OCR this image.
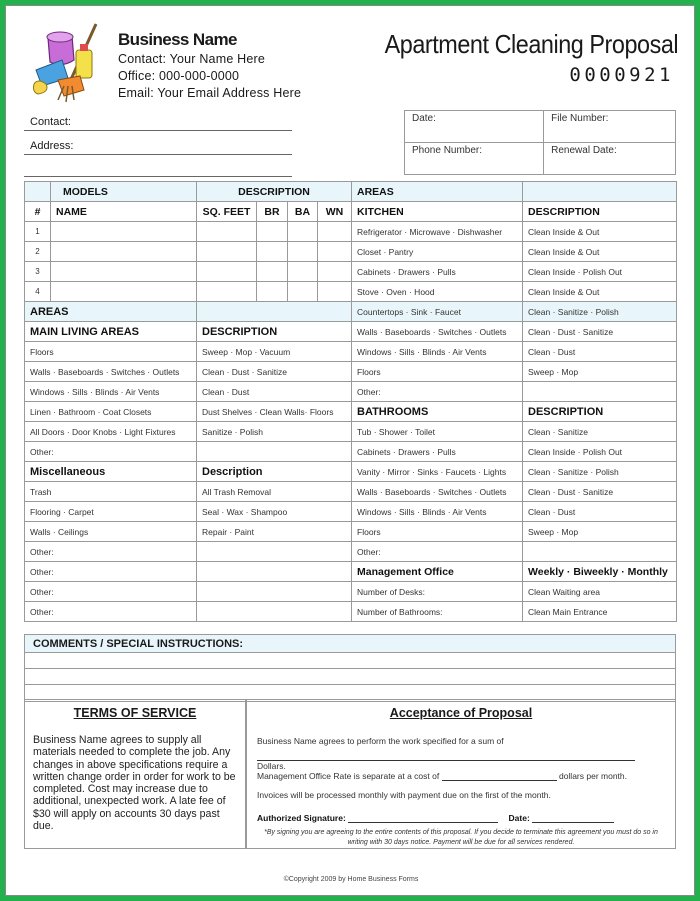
Business Name
Contact: Your Name Here
Office: 000-000-0000
Email: Your Email Address Here
Apartment Cleaning Proposal
0000921
Contact:
Address:
Date:	File Number:
Phone Number:	Renewal Date:
	MODELS	DESCRIPTION				AREAS	
#	NAME	SQ. FEET	BR	BA	WN	KITCHEN	DESCRIPTION
1						Refrigerator · Microwave · Dishwasher	Clean Inside & Out
2						Closet · Pantry	Clean Inside & Out
3						Cabinets · Drawers · Pulls	Clean Inside · Polish Out
4						Stove · Oven · Hood	Clean Inside & Out
AREAS						Countertops · Sink · Faucet	Clean · Sanitize · Polish
MAIN LIVING AREAS		DESCRIPTION				Walls · Baseboards · Switches · Outlets	Clean · Dust · Sanitize
Floors		Sweep · Mop · Vacuum				Windows · Sills · Blinds · Air Vents	Clean · Dust
Walls · Baseboards · Switches · Outlets		Clean · Dust · Sanitize				Floors	Sweep · Mop
Windows · Sills · Blinds · Air Vents		Clean · Dust				Other:	
Linen · Bathroom · Coat Closets		Dust Shelves · Clean Walls· Floors				BATHROOMS	DESCRIPTION
All Doors · Door Knobs · Light Fixtures		Sanitize · Polish				Tub · Shower · Toilet	Clean · Sanitize
Other:						Cabinets · Drawers · Pulls	Clean Inside · Polish Out
Miscellaneous		Description				Vanity · Mirror · Sinks · Faucets · Lights	Clean · Sanitize · Polish
Trash		All Trash Removal				Walls · Baseboards · Switches · Outlets	Clean · Dust · Sanitize
Flooring · Carpet		Seal · Wax · Shampoo				Windows · Sills · Blinds · Air Vents	Clean · Dust
Walls · Ceilings		Repair · Paint				Floors	Sweep · Mop
Other:						Other:	
Other:						Management Office	Weekly · Biweekly · Monthly
Other:						Number of Desks:	Clean Waiting area
Other:						Number of Bathrooms:	Clean Main Entrance
COMMENTS / SPECIAL INSTRUCTIONS:
TERMS OF SERVICE

Business Name agrees to supply all materials needed to complete the job. Any changes in above specifications require a written change order in order for work to be completed. Cost may increase due to additional, unexpected work. A late fee of $30 will apply on accounts 30 days past due.

Acceptance of Proposal
Business Name agrees to perform the work specified for a sum of
Dollars.
Management Office Rate is separate at a cost of	dollars per month.
Invoices will be processed monthly with payment due on the first of the month.
Authorized Signature:	Date:
*By signing you are agreeing to the entire contents of this proposal. If you decide to terminate this agreement you must do so in writing with 30 days notice. Payment will be due for all services rendered.
©Copyright 2009 by Home Business Forms
